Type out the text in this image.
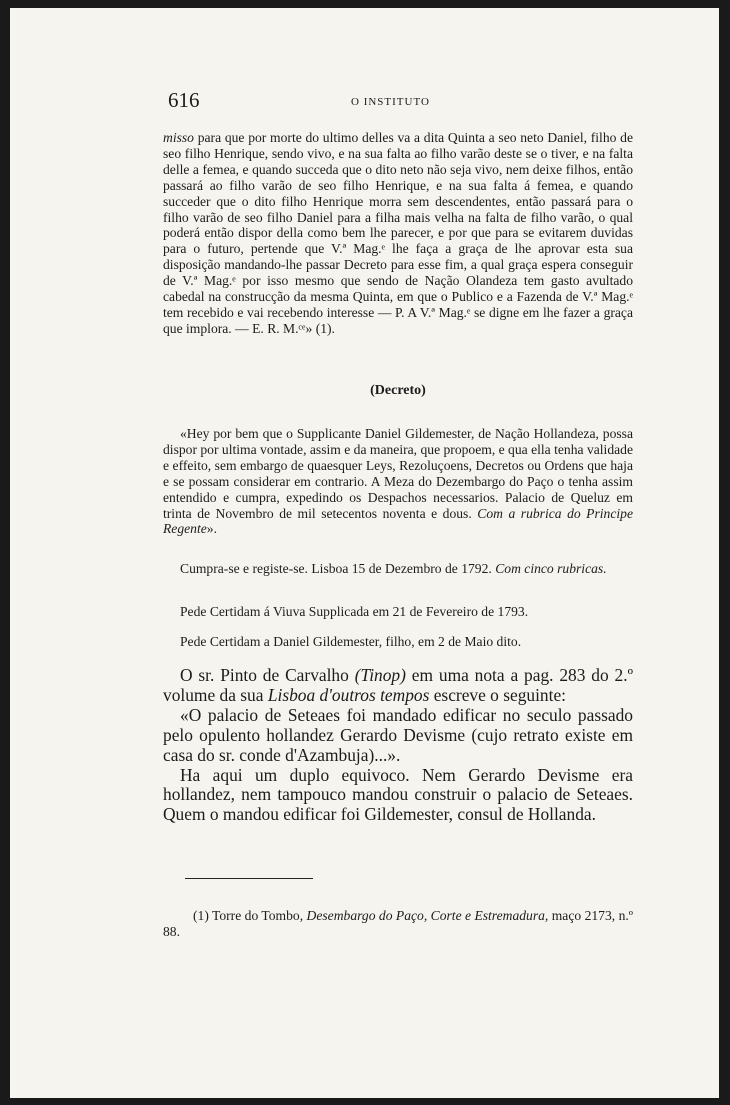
616	O INSTITUTO

misso para que por morte do ultimo delles va a dita Quinta a seo neto Daniel, filho de seo filho Henrique, sendo vivo, e na sua falta ao filho varão deste se o tiver, e na falta delle a femea, e quando succeda que o dito neto não seja vivo, nem deixe filhos, então passará ao filho varão de seo filho Henrique, e na sua falta á femea, e quando succeder que o dito filho Henrique morra sem descendentes, então passará para o filho varão de seo filho Daniel para a filha mais velha na falta de filho varão, o qual poderá então dispor della como bem lhe parecer, e por que para se evitarem duvidas para o futuro, pertende que V.ª Mag.ᵉ lhe faça a graça de lhe aprovar esta sua disposição mandando-lhe passar Decreto para esse fim, a qual graça espera conseguir de V.ª Mag.ᵉ por isso mesmo que sendo de Nação Olandeza tem gasto avultado cabedal na construcção da mesma Quinta, em que o Publico e a Fazenda de V.ª Mag.ᵉ tem recebido e vai recebendo interesse — P. A V.ª Mag.ᵉ se digne em lhe fazer a graça que implora. — E. R. M.ᶜᵉ» (1).

(Decreto)

«Hey por bem que o Supplicante Daniel Gildemester, de Nação Hollandeza, possa dispor por ultima vontade, assim e da maneira, que propoem, e qua ella tenha validade e effeito, sem embargo de quaesquer Leys, Rezoluçoens, Decretos ou Ordens que haja e se possam considerar em contrario. A Meza do Dezembargo do Paço o tenha assim entendido e cumpra, expedindo os Despachos necessarios. Palacio de Queluz em trinta de Novembro de mil setecentos noventa e dous. Com a rubrica do Principe Regente».

Cumpra-se e registe-se. Lisboa 15 de Dezembro de 1792. Com cinco rubricas.

Pede Certidam á Viuva Supplicada em 21 de Fevereiro de 1793.

Pede Certidam a Daniel Gildemester, filho, em 2 de Maio dito.

O sr. Pinto de Carvalho (Tinop) em uma nota a pag. 283 do 2.º volume da sua Lisboa d'outros tempos escreve o seguinte:

«O palacio de Seteaes foi mandado edificar no seculo passado pelo opulento hollandez Gerardo Devisme (cujo retrato existe em casa do sr. conde d'Azambuja)...».

Ha aqui um duplo equivoco. Nem Gerardo Devisme era hollandez, nem tampouco mandou construir o palacio de Seteaes. Quem o mandou edificar foi Gildemester, consul de Hollanda.

(1) Torre do Tombo, Desembargo do Paço, Corte e Estremadura, maço 2173, n.º 88.
